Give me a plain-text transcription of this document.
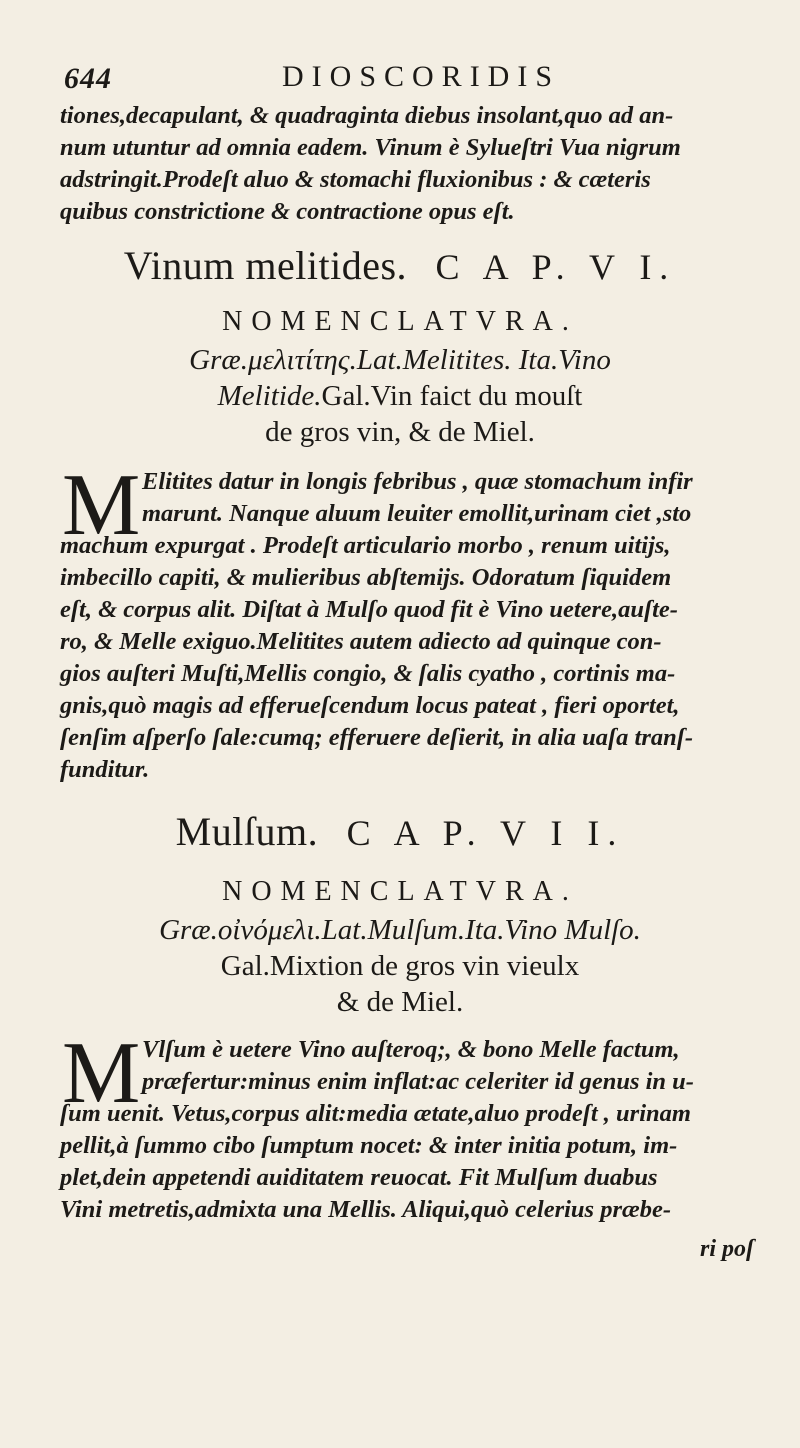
644	DIOSCORIDIS
tiones,decapulant, & quadraginta diebus insolant,quo ad an-
num utuntur ad omnia eadem. Vinum è Sylueſtri Vua nigrum
adstringit.Prodeſt aluo & stomachi fluxionibus : & cæteris
quibus constrictione & contractione opus eſt.
Vinum melitides. C A P. V I.
NOMENCLATVRA.
Græ.μελιτίτης.Lat.Melitites. Ita.Vino
Melitide.Gal.Vin faict du mouſt
de gros vin, & de Miel.
M Elitites datur in longis febribus , quæ stomachum infir
marunt. Nanque aluum leuiter emollit,urinam ciet ,sto
machum expurgat . Prodeſt articulario morbo , renum uitijs,
imbecillo capiti, & mulieribus abſtemijs. Odoratum ſiquidem
eſt, & corpus alit. Diſtat à Mulſo quod fit è Vino uetere,auſte-
ro, & Melle exiguo.Melitites autem adiecto ad quinque con-
gios auſteri Muſti,Mellis congio, & ſalis cyatho , cortinis ma-
gnis,quò magis ad efferueſcendum locus pateat , fieri oportet,
ſenſim aſperſo ſale:cumq; efferuere deſierit, in alia uaſa tranſ-
funditur.
Mulſum. C A P. V I I.
NOMENCLATVRA.
Græ.οἰνόμελι.Lat.Mulſum.Ita.Vino Mulſo.
Gal.Mixtion de gros vin vieulx
& de Miel.
M Vlſum è uetere Vino auſteroq;, & bono Melle factum,
præfertur:minus enim inflat:ac celeriter id genus in u-
ſum uenit. Vetus,corpus alit:media ætate,aluo prodeſt , urinam
pellit,à ſummo cibo ſumptum nocet: & inter initia potum, im-
plet,dein appetendi auiditatem reuocat. Fit Mulſum duabus
Vini metretis,admixta una Mellis. Aliqui,quò celerius præbe-
ri poſ
